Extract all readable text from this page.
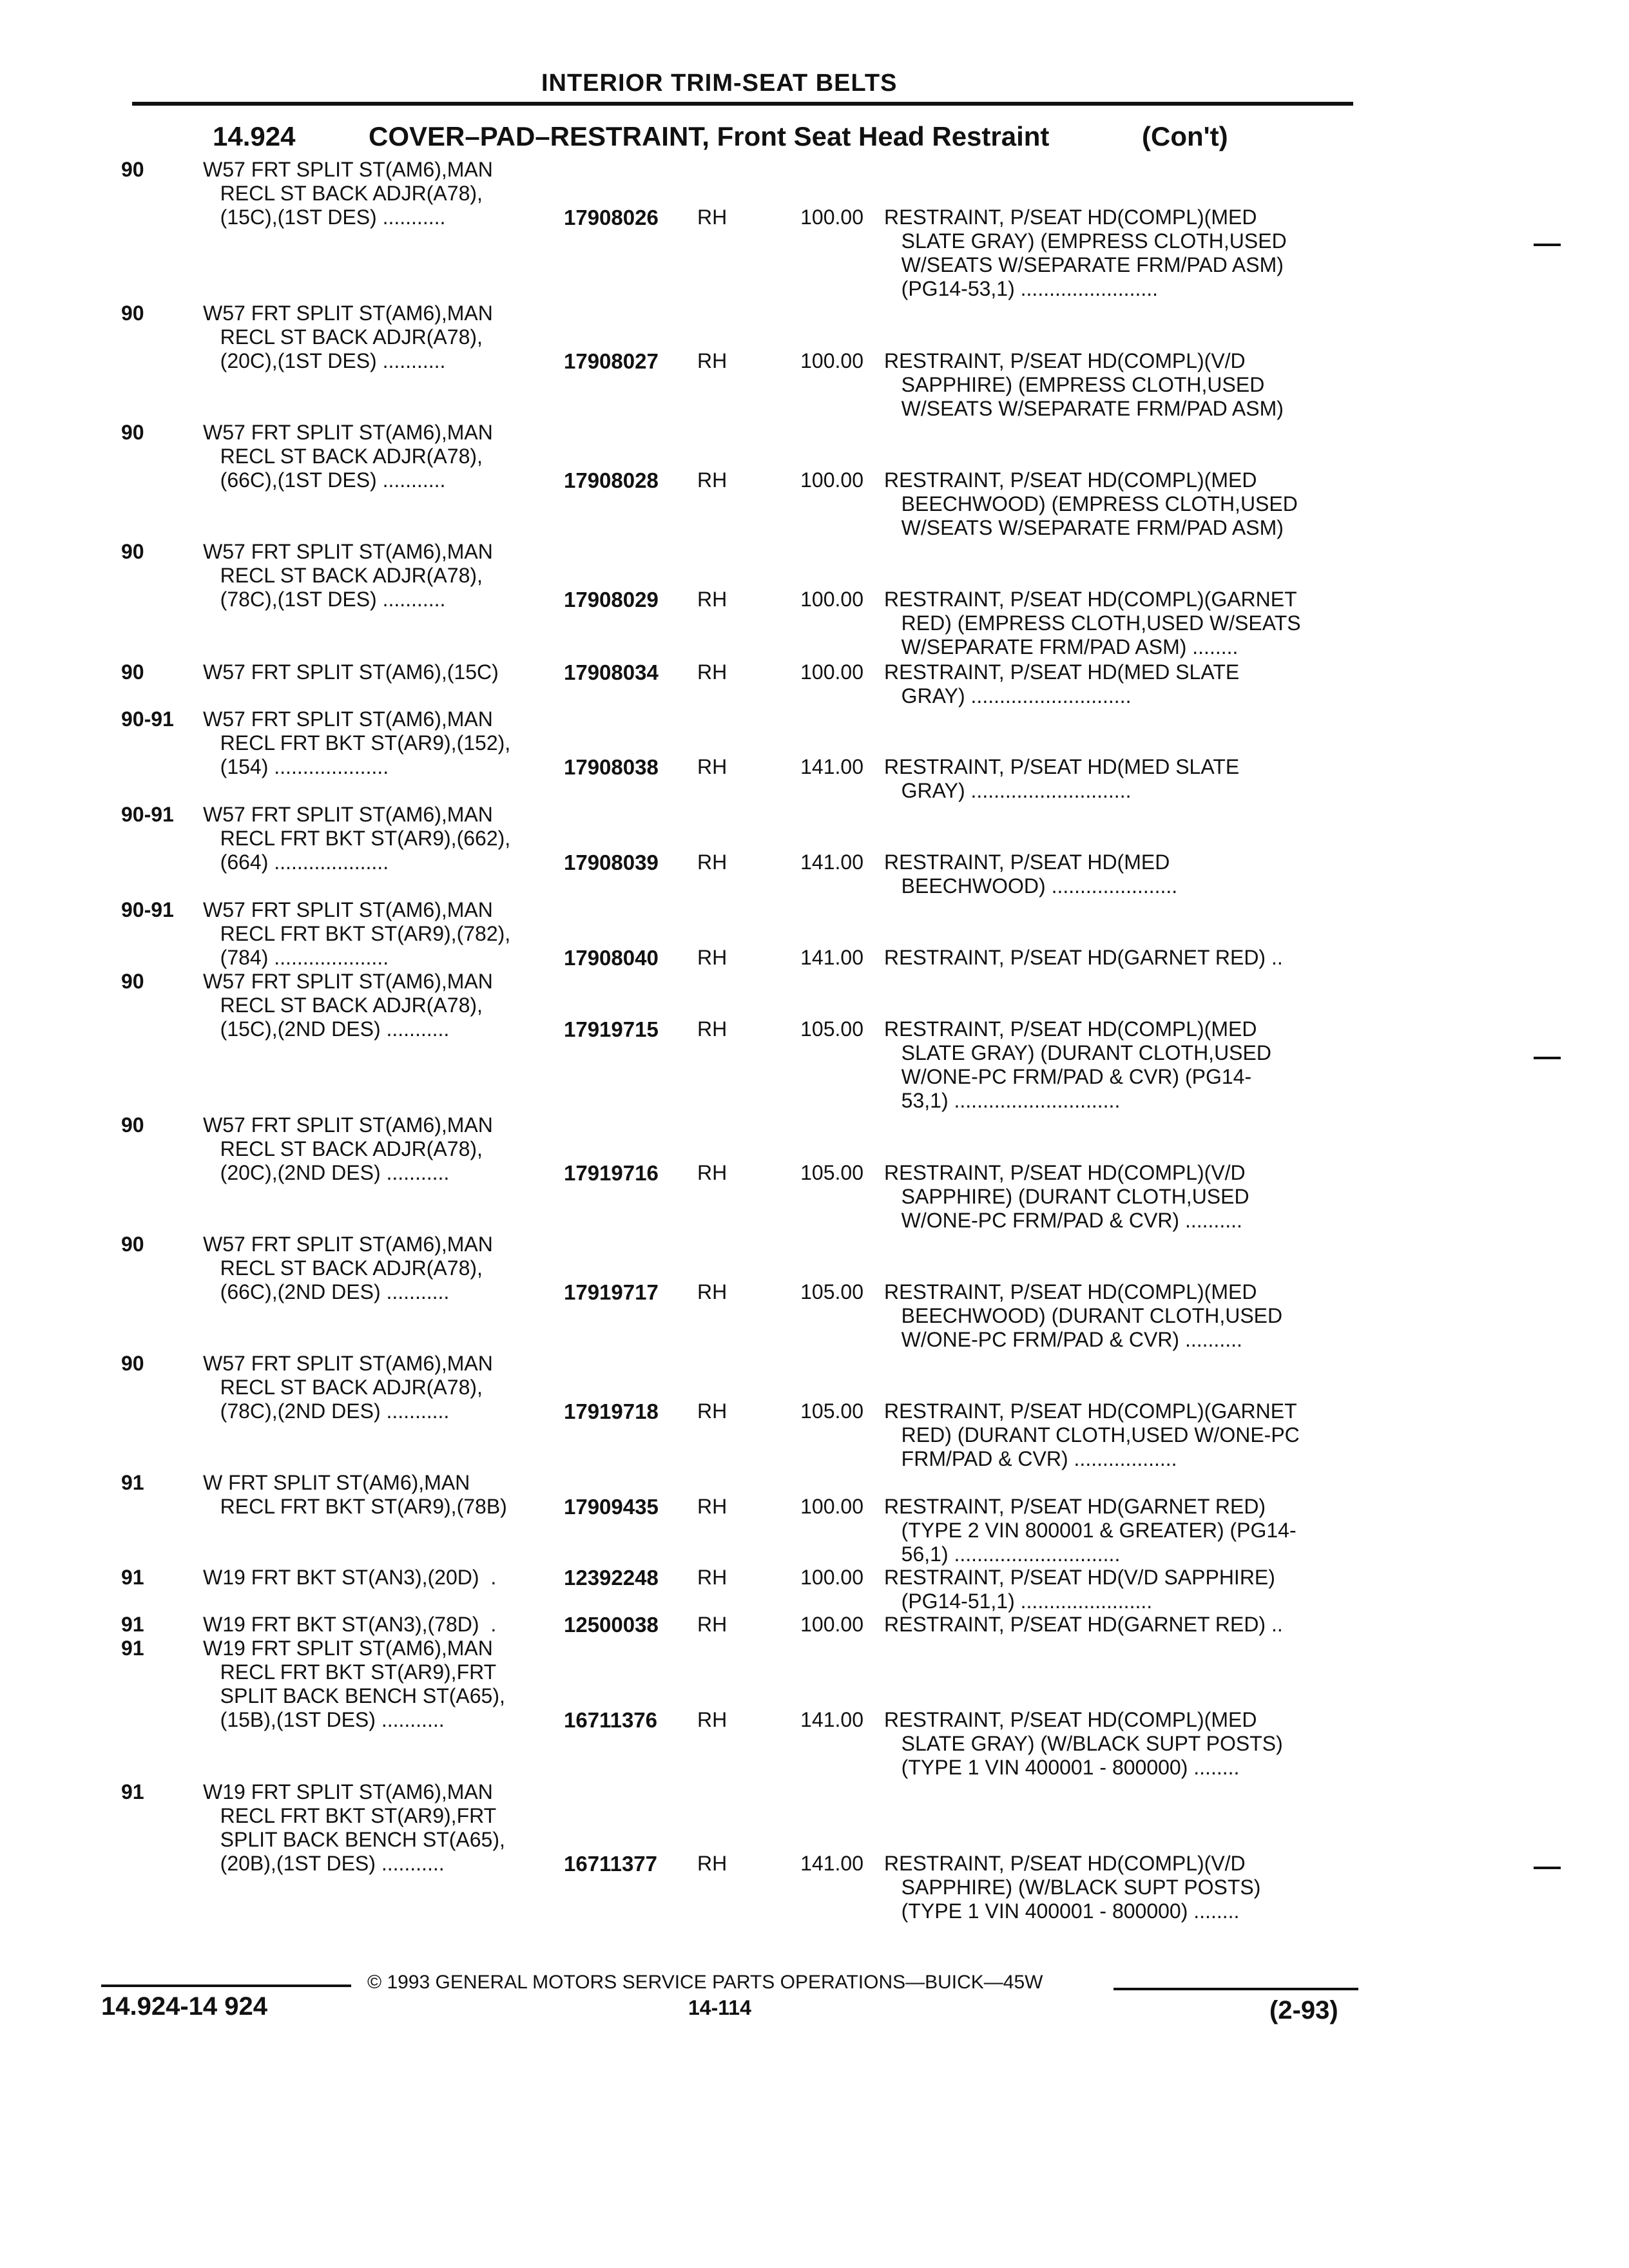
INTERIOR TRIM-SEAT BELTS
14.924	COVER–PAD–RESTRAINT, Front Seat Head Restraint	(Con't)
90	W57 FRT SPLIT ST(AM6),MAN
RECL ST BACK ADJR(A78),
(15C),(1ST DES) ...........	17908026 RH	100.00 RESTRAINT, P/SEAT HD(COMPL)(MED
SLATE GRAY) (EMPRESS CLOTH,USED
W/SEATS W/SEPARATE FRM/PAD ASM)
(PG14-53,1) ........................
90	W57 FRT SPLIT ST(AM6),MAN
RECL ST BACK ADJR(A78),
(20C),(1ST DES) ...........	17908027 RH	100.00 RESTRAINT, P/SEAT HD(COMPL)(V/D
SAPPHIRE) (EMPRESS CLOTH,USED
W/SEATS W/SEPARATE FRM/PAD ASM)
90	W57 FRT SPLIT ST(AM6),MAN
RECL ST BACK ADJR(A78),
(66C),(1ST DES) ...........	17908028 RH	100.00 RESTRAINT, P/SEAT HD(COMPL)(MED
BEECHWOOD) (EMPRESS CLOTH,USED
W/SEATS W/SEPARATE FRM/PAD ASM)
90	W57 FRT SPLIT ST(AM6),MAN
RECL ST BACK ADJR(A78),
(78C),(1ST DES) ...........	17908029 RH	100.00 RESTRAINT, P/SEAT HD(COMPL)(GARNET
RED) (EMPRESS CLOTH,USED W/SEATS
W/SEPARATE FRM/PAD ASM) ........
90	W57 FRT SPLIT ST(AM6),(15C)	17908034 RH	100.00 RESTRAINT, P/SEAT HD(MED SLATE
GRAY) ............................
90-91	W57 FRT SPLIT ST(AM6),MAN
RECL FRT BKT ST(AR9),(152),
(154) ....................	17908038 RH	141.00 RESTRAINT, P/SEAT HD(MED SLATE
GRAY) ............................
90-91	W57 FRT SPLIT ST(AM6),MAN
RECL FRT BKT ST(AR9),(662),
(664) ....................	17908039 RH	141.00 RESTRAINT, P/SEAT HD(MED
BEECHWOOD) ......................
90-91	W57 FRT SPLIT ST(AM6),MAN
RECL FRT BKT ST(AR9),(782),
(784) ....................	17908040 RH	141.00 RESTRAINT, P/SEAT HD(GARNET RED) ..
90	W57 FRT SPLIT ST(AM6),MAN
RECL ST BACK ADJR(A78),
(15C),(2ND DES) ...........	17919715 RH	105.00 RESTRAINT, P/SEAT HD(COMPL)(MED
SLATE GRAY) (DURANT CLOTH,USED
W/ONE-PC FRM/PAD & CVR) (PG14-
53,1) .............................
90	W57 FRT SPLIT ST(AM6),MAN
RECL ST BACK ADJR(A78),
(20C),(2ND DES) ...........	17919716 RH	105.00 RESTRAINT, P/SEAT HD(COMPL)(V/D
SAPPHIRE) (DURANT CLOTH,USED
W/ONE-PC FRM/PAD & CVR) ..........
90	W57 FRT SPLIT ST(AM6),MAN
RECL ST BACK ADJR(A78),
(66C),(2ND DES) ...........	17919717 RH	105.00 RESTRAINT, P/SEAT HD(COMPL)(MED
BEECHWOOD) (DURANT CLOTH,USED
W/ONE-PC FRM/PAD & CVR) ..........
90	W57 FRT SPLIT ST(AM6),MAN
RECL ST BACK ADJR(A78),
(78C),(2ND DES) ...........	17919718 RH	105.00 RESTRAINT, P/SEAT HD(COMPL)(GARNET
RED) (DURANT CLOTH,USED W/ONE-PC
FRM/PAD & CVR) ..................
91	W FRT SPLIT ST(AM6),MAN
RECL FRT BKT ST(AR9),(78B)	17909435 RH	100.00 RESTRAINT, P/SEAT HD(GARNET RED)
(TYPE 2 VIN 800001 & GREATER) (PG14-
56,1) .............................
91	W19 FRT BKT ST(AN3),(20D)  .	12392248 RH	100.00 RESTRAINT, P/SEAT HD(V/D SAPPHIRE)
(PG14-51,1) .......................
91	W19 FRT BKT ST(AN3),(78D)  .	12500038 RH	100.00 RESTRAINT, P/SEAT HD(GARNET RED) ..
91	W19 FRT SPLIT ST(AM6),MAN
RECL FRT BKT ST(AR9),FRT
SPLIT BACK BENCH ST(A65),
(15B),(1ST DES) ...........	16711376 RH	141.00 RESTRAINT, P/SEAT HD(COMPL)(MED
SLATE GRAY) (W/BLACK SUPT POSTS)
(TYPE 1 VIN 400001 - 800000) ........
91	W19 FRT SPLIT ST(AM6),MAN
RECL FRT BKT ST(AR9),FRT
SPLIT BACK BENCH ST(A65),
(20B),(1ST DES) ...........	16711377 RH	141.00 RESTRAINT, P/SEAT HD(COMPL)(V/D
SAPPHIRE) (W/BLACK SUPT POSTS)
(TYPE 1 VIN 400001 - 800000) ........
© 1993 GENERAL MOTORS SERVICE PARTS OPERATIONS—BUICK—45W
14.924-14 924	14-114	(2-93)
